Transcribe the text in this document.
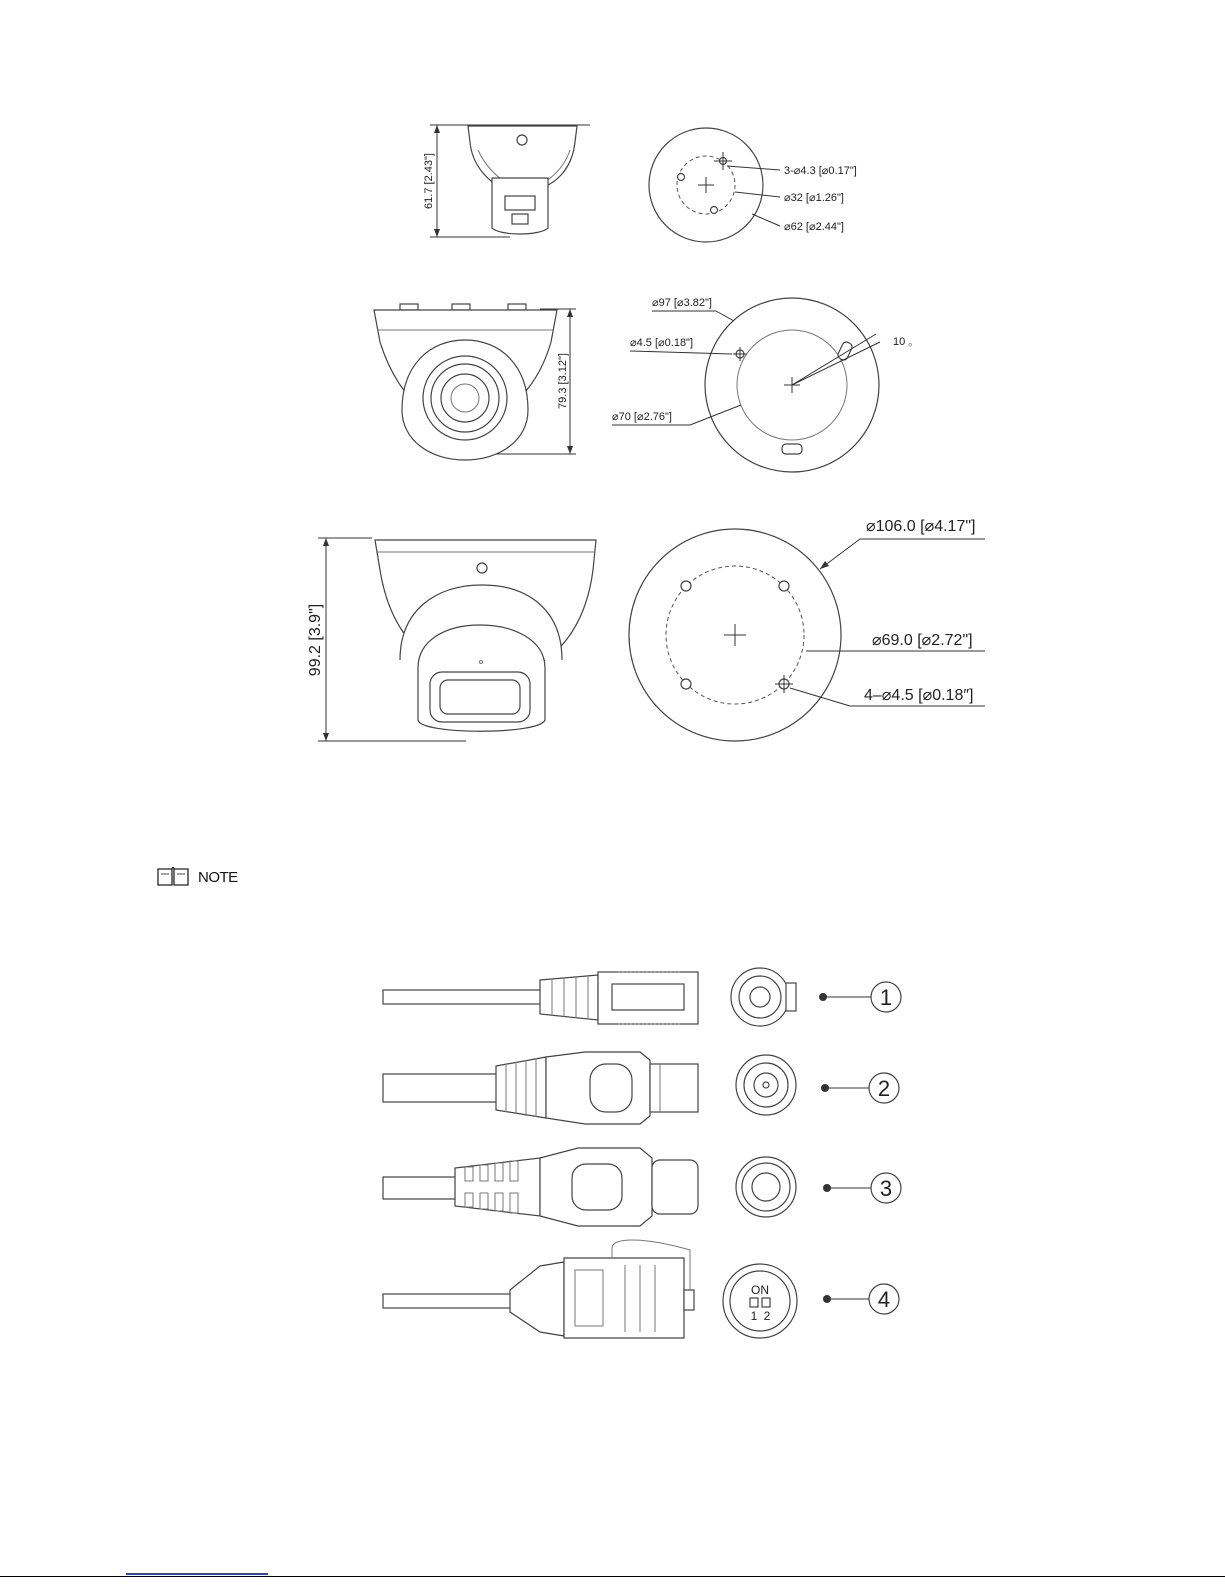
61.7 [2.43"]	3-⌀4.3 [⌀0.17"]
⌀32 [⌀1.26"]
⌀62 [⌀2.44"]
79.3 [3.12"]
⌀97 [⌀3.82"]
⌀4.5 [⌀0.18"]
⌀70 [⌀2.76"]
10 。
99.2 [3.9"]
⌀106.0 [⌀4.17"]
⌀69.0 [⌀2.72"]
4–⌀4.5 [⌀0.18″]
1
2
3
ON
1 2
4
NOTE
